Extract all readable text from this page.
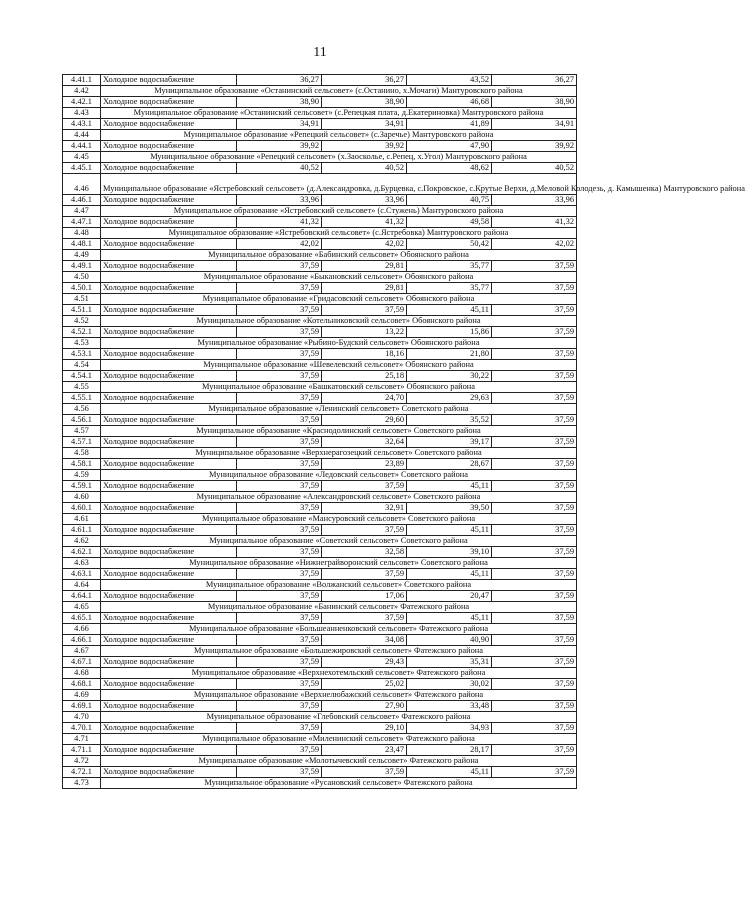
11
4.41.1	Холодное водоснабжение	36,27	36,27	43,52	36,27
4.42	Муниципальное образование «Останинский сельсовет» (с.Останино, х.Мочаги) Мантуровского района				
4.42.1	Холодное водоснабжение	38,90	38,90	46,68	38,90
4.43	Муниципальное образование «Останинский сельсовет» (с.Репецкая плата, д.Екатериновка) Мантуровского района				
4.43.1	Холодное водоснабжение	34,91	34,91	41,89	34,91
4.44	Муниципальное образование «Репецкий сельсовет» (с.Заречье) Мантуровского района				
4.44.1	Холодное водоснабжение	39,92	39,92	47,90	39,92
4.45	Муниципальное образование «Репецкий сельсовет» (х.Заосколье, с.Репец, х.Угол) Мантуровского района				
4.45.1	Холодное водоснабжение	40,52	40,52	48,62	40,52
4.46	Муниципальное образование «Ястребовский сельсовет» (д.Александровка, д.Бурцевка, с.Покровское, с.Крутые Верхи, д.Меловой Колодезь, д. Камышенка) Мантуровского района				
4.46.1	Холодное водоснабжение	33,96	33,96	40,75	33,96
4.47	Муниципальное образование «Ястребовский сельсовет» (с.Стужень) Мантуровского района				
4.47.1	Холодное водоснабжение	41,32	41,32	49,58	41,32
4.48	Муниципальное образование «Ястребовский сельсовет» (с.Ястребовка) Мантуровского района				
4.48.1	Холодное водоснабжение	42,02	42,02	50,42	42,02
4.49	Муниципальное образование «Бабинский сельсовет» Обоянского района				
4.49.1	Холодное водоснабжение	37,59	29,81	35,77	37,59
4.50	Муниципальное образование «Быкановский сельсовет» Обоянского района				
4.50.1	Холодное водоснабжение	37,59	29,81	35,77	37,59
4.51	Муниципальное образование «Гридасовский сельсовет» Обоянского района				
4.51.1	Холодное водоснабжение	37,59	37,59	45,11	37,59
4.52	Муниципальное образование «Котельниковский сельсовет» Обоянского района				
4.52.1	Холодное водоснабжение	37,59	13,22	15,86	37,59
4.53	Муниципальное образование «Рыбино-Будский сельсовет» Обоянского района				
4.53.1	Холодное водоснабжение	37,59	18,16	21,80	37,59
4.54	Муниципальное образование «Шевелевский сельсовет» Обоянского района				
4.54.1	Холодное водоснабжение	37,59	25,18	30,22	37,59
4.55	Муниципальное образование «Башкатовский сельсовет» Обоянского района				
4.55.1	Холодное водоснабжение	37,59	24,70	29,63	37,59
4.56	Муниципальное образование «Ленинский сельсовет» Советского района				
4.56.1	Холодное водоснабжение	37,59	29,60	35,52	37,59
4.57	Муниципальное образование «Краснодолинский сельсовет» Советского района				
4.57.1	Холодное водоснабжение	37,59	32,64	39,17	37,59
4.58	Муниципальное образование «Верхнерагозецкий сельсовет» Советского района				
4.58.1	Холодное водоснабжение	37,59	23,89	28,67	37,59
4.59	Муниципальное образование «Ледовский сельсовет» Советского района				
4.59.1	Холодное водоснабжение	37,59	37,59	45,11	37,59
4.60	Муниципальное образование «Александровский сельсовет» Советского района				
4.60.1	Холодное водоснабжение	37,59	32,91	39,50	37,59
4.61	Муниципальное образование «Мансуровский сельсовет» Советского района				
4.61.1	Холодное водоснабжение	37,59	37,59	45,11	37,59
4.62	Муниципальное образование «Советский сельсовет» Советского района				
4.62.1	Холодное водоснабжение	37,59	32,58	39,10	37,59
4.63	Муниципальное образование «Нижнеграйворонский сельсовет» Советского района				
4.63.1	Холодное водоснабжение	37,59	37,59	45,11	37,59
4.64	Муниципальное образование «Волжанский сельсовет» Советского района				
4.64.1	Холодное водоснабжение	37,59	17,06	20,47	37,59
4.65	Муниципальное образование «Банинский сельсовет» Фатежского района				
4.65.1	Холодное водоснабжение	37,59	37,59	45,11	37,59
4.66	Муниципальное образование «Большеанненковский сельсовет» Фатежского района				
4.66.1	Холодное водоснабжение	37,59	34,08	40,90	37,59
4.67	Муниципальное образование «Большежировский сельсовет» Фатежского района				
4.67.1	Холодное водоснабжение	37,59	29,43	35,31	37,59
4.68	Муниципальное образование «Верхнехотемльский сельсовет» Фатежского района				
4.68.1	Холодное водоснабжение	37,59	25,02	30,02	37,59
4.69	Муниципальное образование «Верхнелюбажский сельсовет» Фатежского района				
4.69.1	Холодное водоснабжение	37,59	27,90	33,48	37,59
4.70	Муниципальное образование «Глебовский сельсовет» Фатежского района				
4.70.1	Холодное водоснабжение	37,59	29,10	34,93	37,59
4.71	Муниципальное образование «Миленинский сельсовет» Фатежского района				
4.71.1	Холодное водоснабжение	37,59	23,47	28,17	37,59
4.72	Муниципальное образование «Молотычевский сельсовет» Фатежского района				
4.72.1	Холодное водоснабжение	37,59	37,59	45,11	37,59
4.73	Муниципальное образование «Русановский сельсовет» Фатежского района				
